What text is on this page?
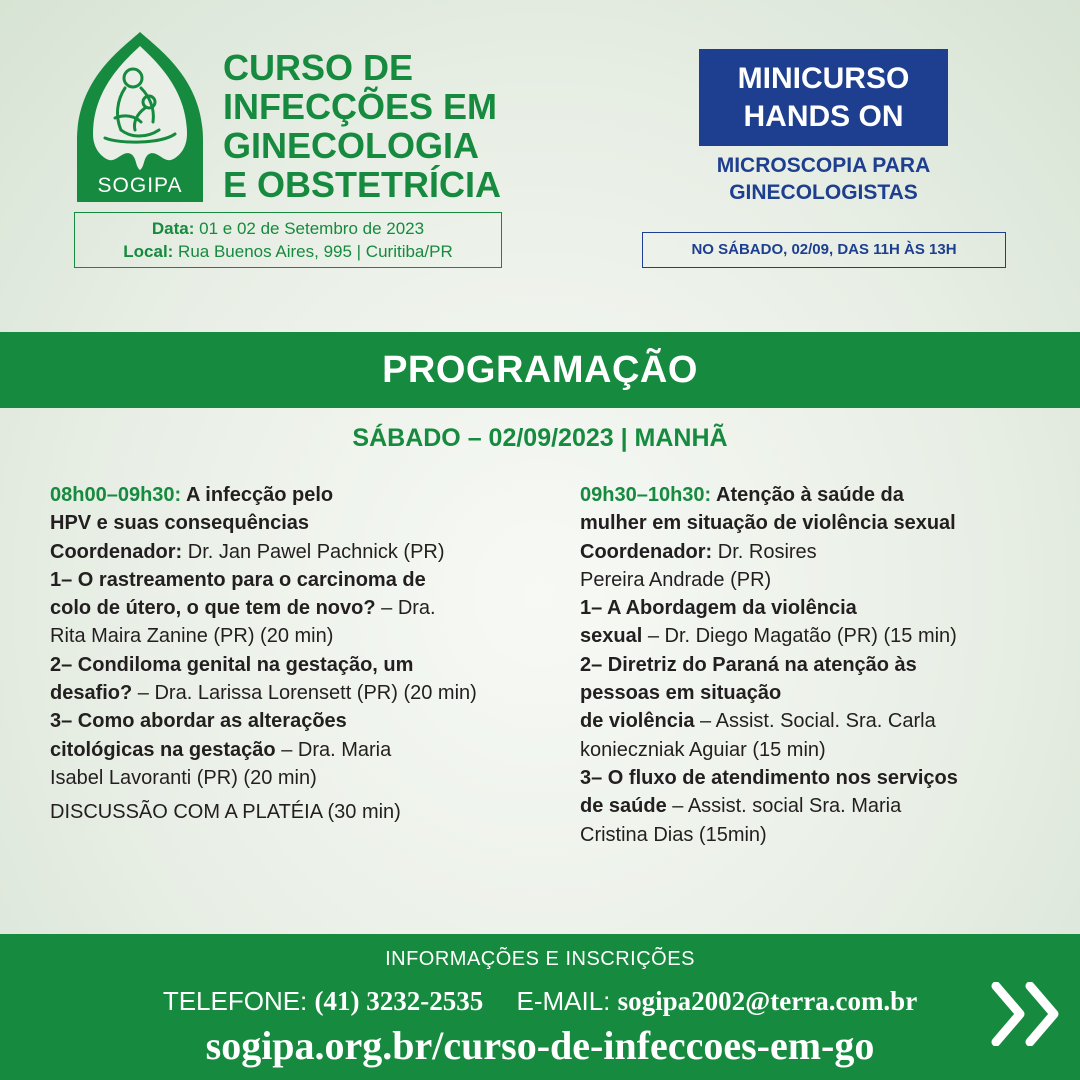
SOGIPA
CURSO DE
INFECÇÕES EM
GINECOLOGIA
E OBSTETRÍCIA
Data: 01 e 02 de Setembro de 2023
Local: Rua Buenos Aires, 995 | Curitiba/PR
MINICURSO
HANDS ON
MICROSCOPIA PARA
GINECOLOGISTAS
NO SÁBADO, 02/09, DAS 11H ÀS 13H
PROGRAMAÇÃO
SÁBADO – 02/09/2023 | MANHÃ
08h00–09h30: A infecção pelo
HPV e suas consequências
Coordenador: Dr. Jan Pawel Pachnick (PR)
1– O rastreamento para o carcinoma de
colo de útero, o que tem de novo? – Dra.
Rita Maira Zanine (PR) (20 min)
2– Condiloma genital na gestação, um
desafio? – Dra. Larissa Lorensett (PR) (20 min)
3– Como abordar as alterações
citológicas na gestação – Dra. Maria
Isabel Lavoranti (PR) (20 min)
DISCUSSÃO COM A PLATÉIA (30 min)
09h30–10h30: Atenção à saúde da
mulher em situação de violência sexual
Coordenador: Dr. Rosires
Pereira Andrade (PR)
1– A Abordagem da violência
sexual – Dr. Diego Magatão (PR) (15 min)
2– Diretriz do Paraná na atenção às
pessoas em situação
de violência – Assist. Social. Sra. Carla
konieczniak Aguiar (15 min)
3– O fluxo de atendimento nos serviços
de saúde – Assist. social Sra. Maria
Cristina Dias (15min)
INFORMAÇÕES E INSCRIÇÕES
TELEFONE: (41) 3232-2535 E-MAIL: sogipa2002@terra.com.br
sogipa.org.br/curso-de-infeccoes-em-go
